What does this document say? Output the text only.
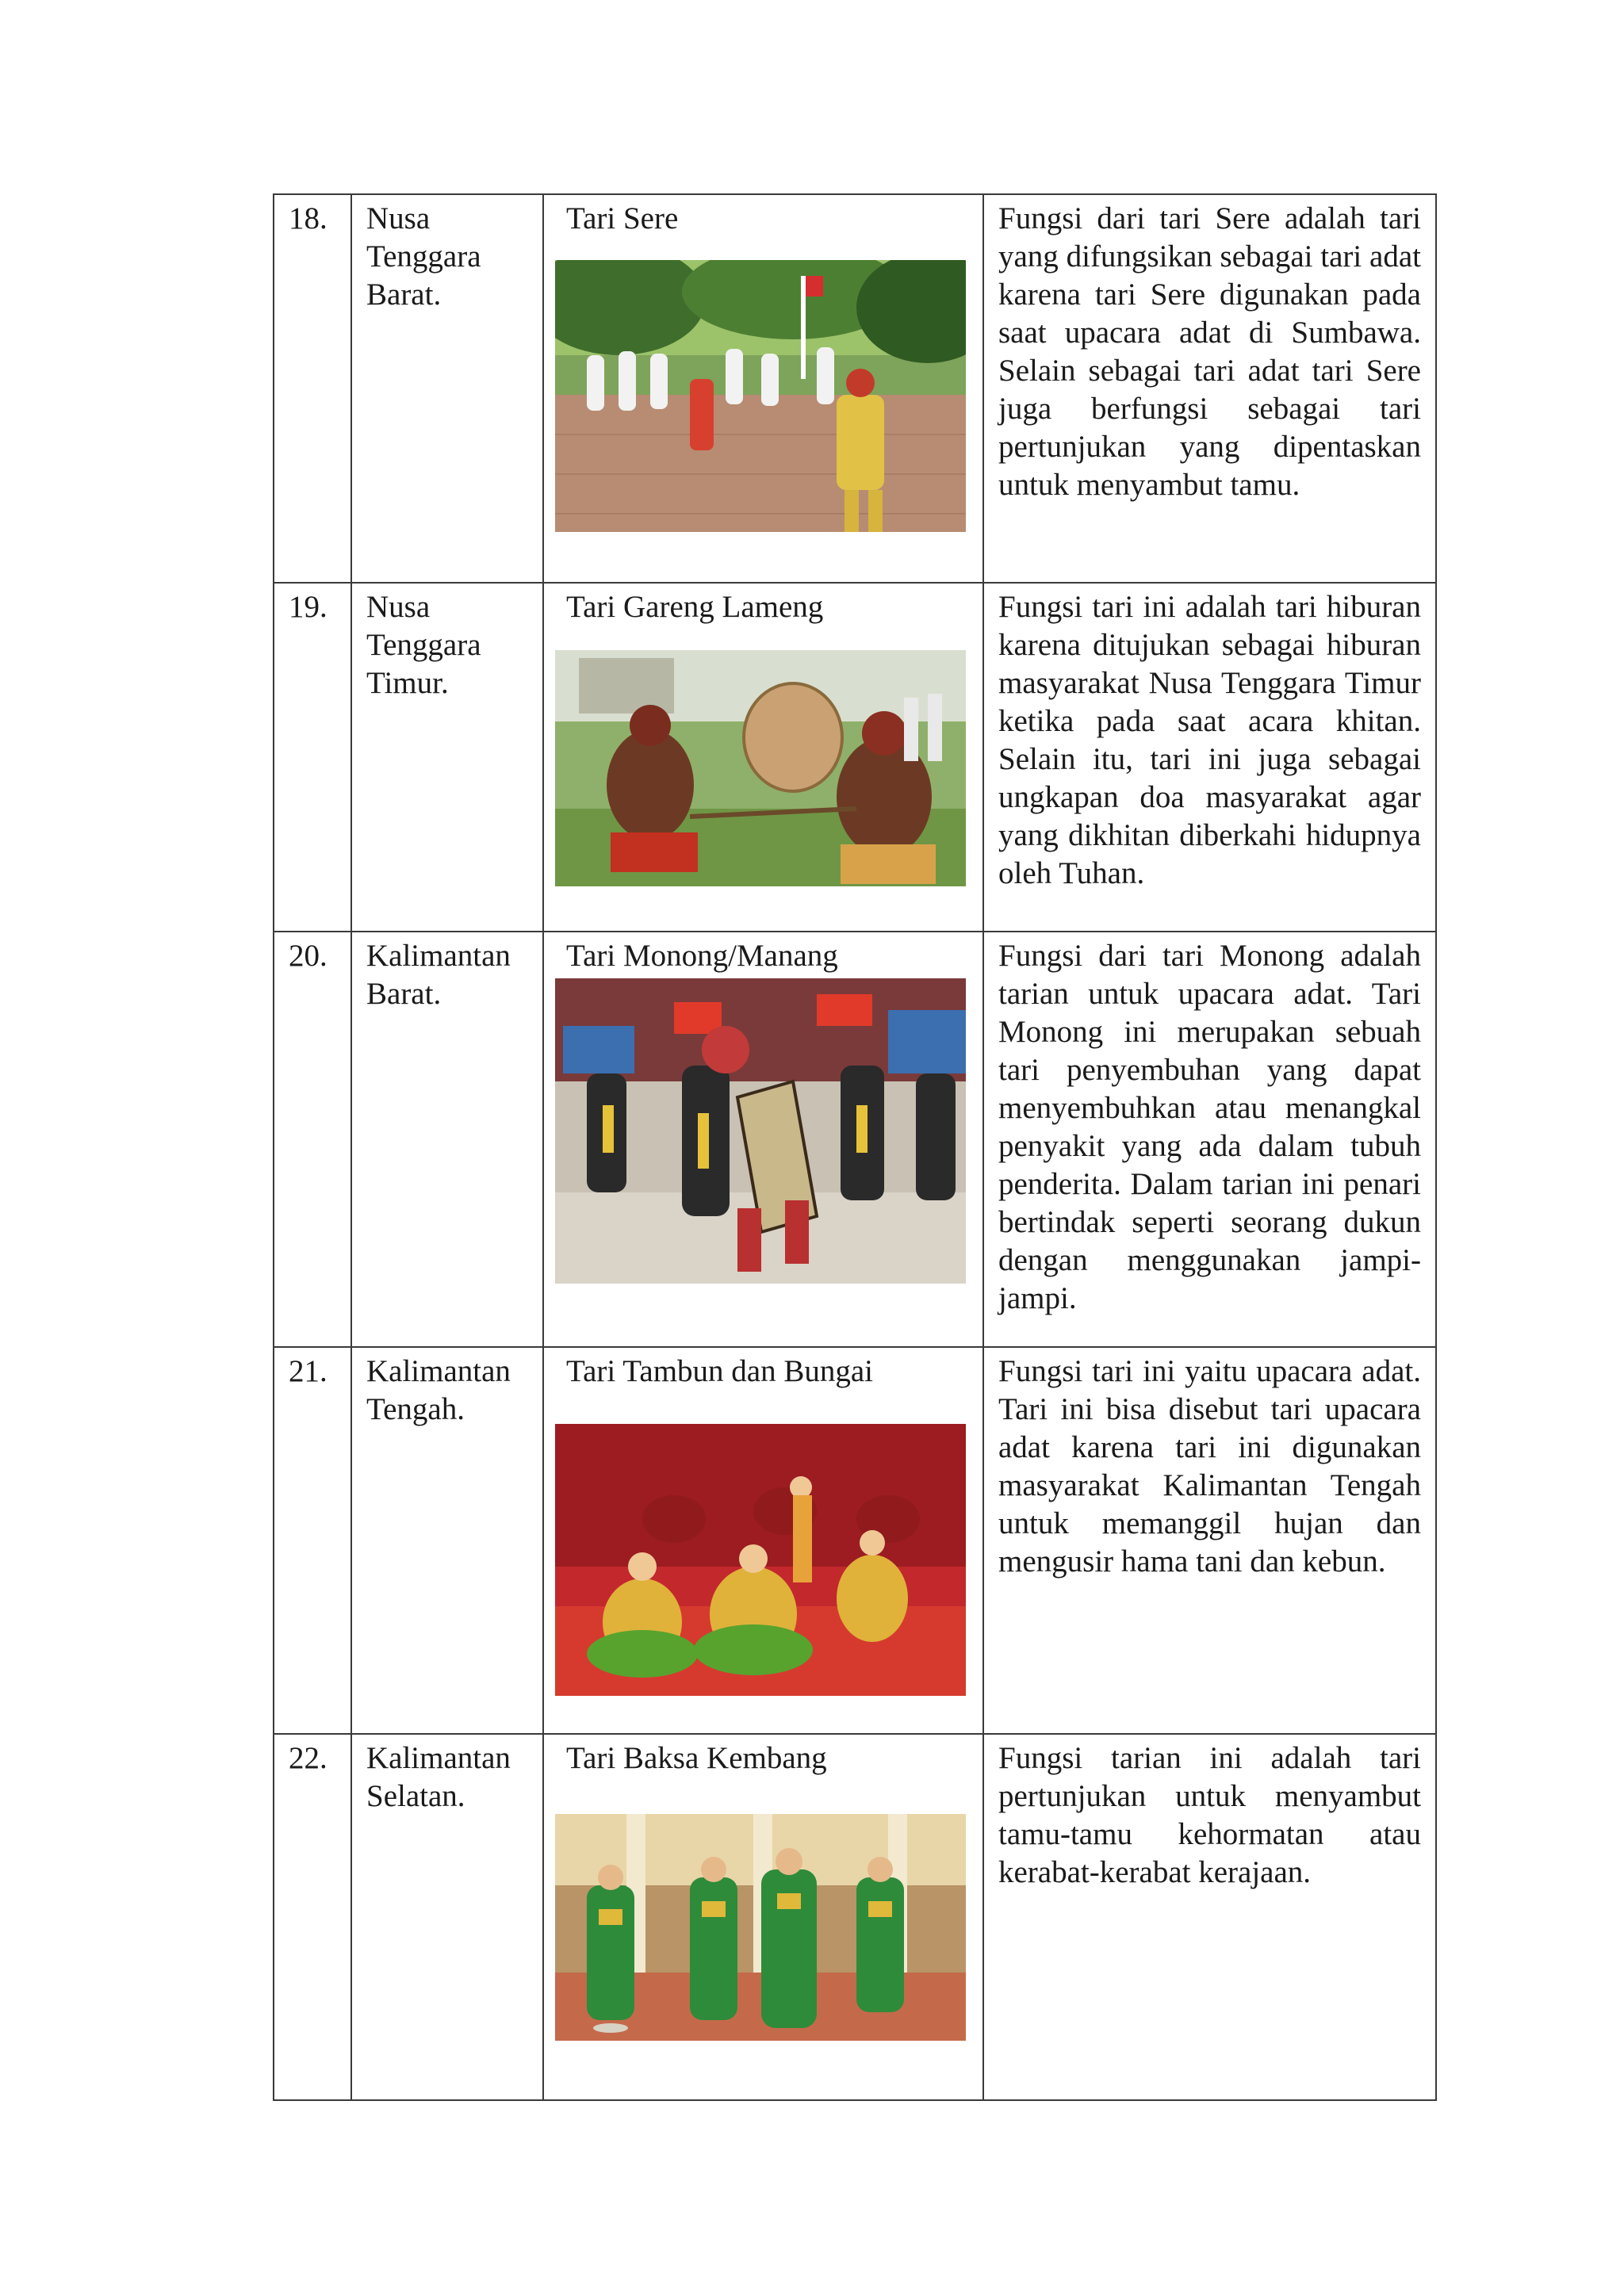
18.	Nusa Tenggara Barat.	Tari Sere	Fungsi dari tari Sere adalah tari yang difungsikan sebagai tari adat karena tari Sere digunakan pada saat upacara adat di Sumbawa. Selain sebagai tari adat tari Sere juga berfungsi sebagai tari pertunjukan yang dipentaskan untuk menyambut tamu.

19.	Nusa Tenggara Timur.	Tari Gareng Lameng	Fungsi tari ini adalah tari hiburan karena ditujukan sebagai hiburan masyarakat Nusa Tenggara Timur ketika pada saat acara khitan. Selain itu, tari ini juga sebagai ungkapan doa masyarakat agar yang dikhitan diberkahi hidupnya oleh Tuhan.

20.	Kalimantan Barat.	Tari Monong/Manang	Fungsi dari tari Monong adalah tarian untuk upacara adat. Tari Monong ini merupakan sebuah tari penyembuhan yang dapat menyembuhkan atau menangkal penyakit yang ada dalam tubuh penderita. Dalam tarian ini penari bertindak seperti seorang dukun dengan menggunakan jampi-jampi.

21.	Kalimantan Tengah.	Tari Tambun dan Bungai	Fungsi tari ini yaitu upacara adat. Tari ini bisa disebut tari upacara adat karena tari ini digunakan masyarakat Kalimantan Tengah untuk memanggil hujan dan mengusir hama tani dan kebun.

22.	Kalimantan Selatan.	Tari Baksa Kembang	Fungsi tarian ini adalah tari pertunjukan untuk menyambut tamu-tamu kehormatan atau kerabat-kerabat kerajaan.
